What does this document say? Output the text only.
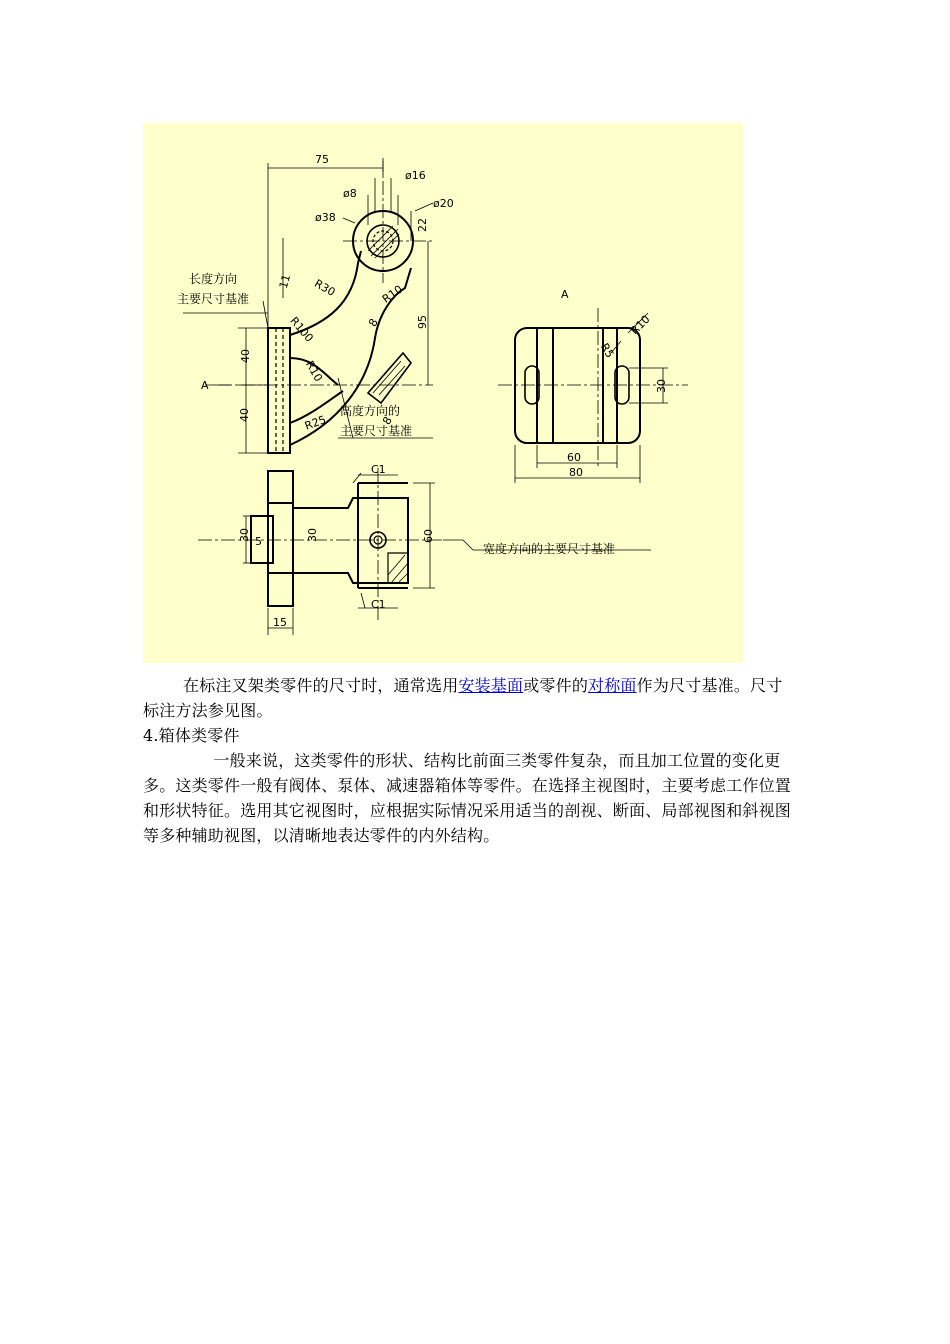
75
ø16
ø8
ø20
ø38
22
11 R30	R10
8
R100	95
R10
40
40	8
R25
A
A
R10
R5
30
60
80
C1
C1
30 5	30	60
15
长度方向
主要尺寸基准
高度方向的
主要尺寸基准
宽度方向的主要尺寸基准

在标注叉架类零件的尺寸时，通常选用安装基面或零件的对称面作为尺寸基准。尺寸标注方法参见图。

4.箱体类零件

一般来说，这类零件的形状、结构比前面三类零件复杂，而且加工位置的变化更多。这类零件一般有阀体、泵体、减速器箱体等零件。在选择主视图时，主要考虑工作位置和形状特征。选用其它视图时，应根据实际情况采用适当的剖视、断面、局部视图和斜视图等多种辅助视图，以清晰地表达零件的内外结构。
